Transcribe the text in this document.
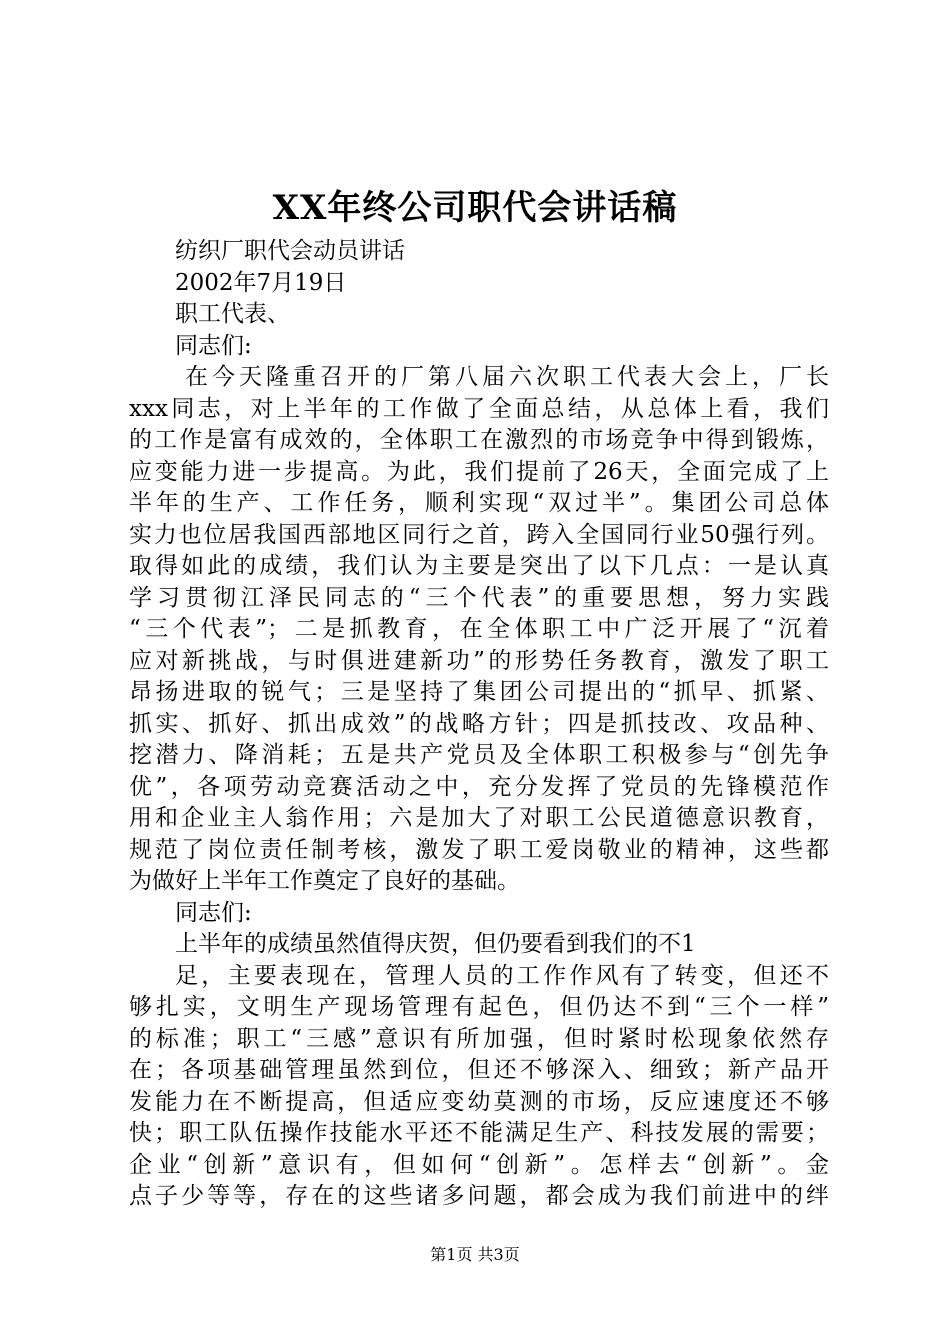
XX年终公司职代会讲话稿
纺织厂职代会动员讲话
2002年7月19日
职工代表、
同志们:
在今天隆重召开的厂第八届六次职工代表大会上，厂长
xxx同志，对上半年的工作做了全面总结，从总体上看，我们
的工作是富有成效的，全体职工在激烈的市场竞争中得到锻炼，
应变能力进一步提高。为此，我们提前了26天，全面完成了上
半年的生产、工作任务，顺利实现“双过半”。集团公司总体
实力也位居我国西部地区同行之首，跨入全国同行业50强行列。
取得如此的成绩，我们认为主要是突出了以下几点：一是认真
学习贯彻江泽民同志的“三个代表”的重要思想，努力实践
“三个代表”；二是抓教育，在全体职工中广泛开展了“沉着
应对新挑战，与时俱进建新功”的形势任务教育，激发了职工
昂扬进取的锐气；三是坚持了集团公司提出的“抓早、抓紧、
抓实、抓好、抓出成效”的战略方针；四是抓技改、攻品种、
挖潜力、降消耗；五是共产党员及全体职工积极参与“创先争
优”，各项劳动竞赛活动之中，充分发挥了党员的先锋模范作
用和企业主人翁作用；六是加大了对职工公民道德意识教育，
规范了岗位责任制考核，激发了职工爱岗敬业的精神，这些都
为做好上半年工作奠定了良好的基础。
同志们:
上半年的成绩虽然值得庆贺，但仍要看到我们的不1
足，主要表现在，管理人员的工作作风有了转变，但还不
够扎实，文明生产现场管理有起色，但仍达不到“三个一样”
的标准；职工“三感”意识有所加强，但时紧时松现象依然存
在；各项基础管理虽然到位，但还不够深入、细致；新产品开
发能力在不断提高，但适应变幼莫测的市场，反应速度还不够
快；职工队伍操作技能水平还不能满足生产、科技发展的需要；
企业“创新”意识有，但如何“创新”。怎样去“创新”。金
点子少等等，存在的这些诸多问题，都会成为我们前进中的绊
第1页 共3页
